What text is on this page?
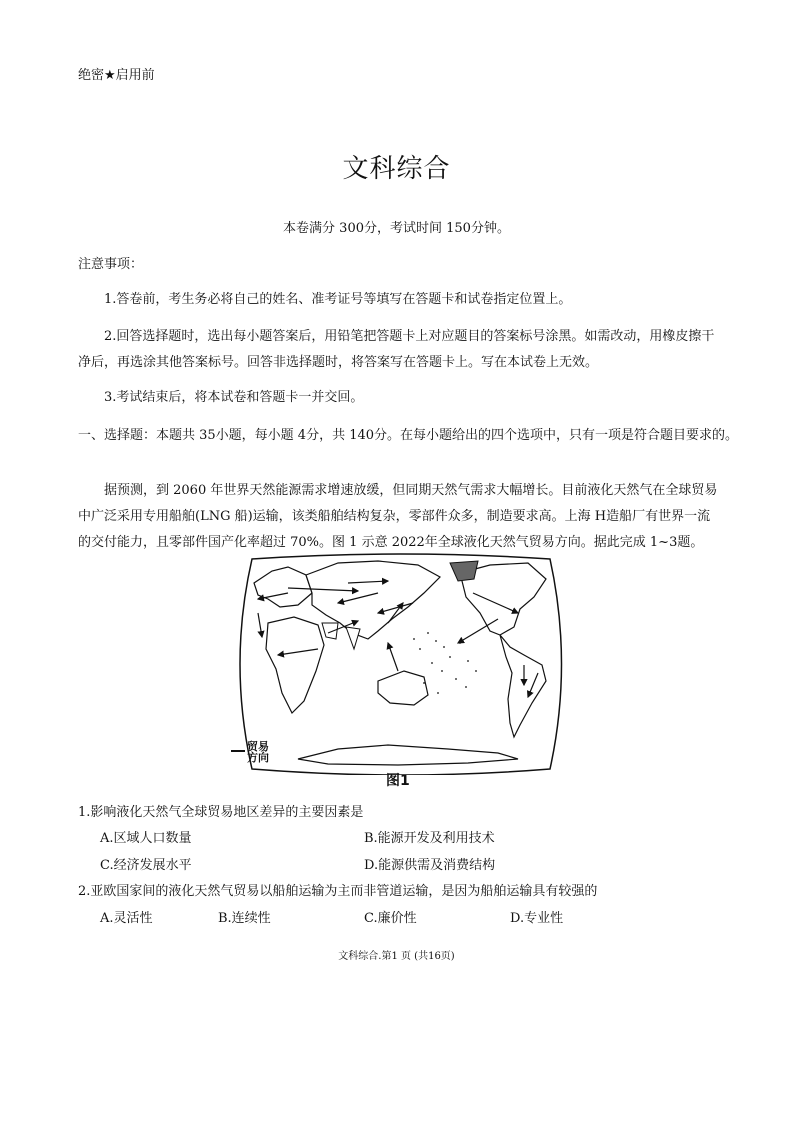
绝密★启用前
文科综合
本卷满分 300分，考试时间 150分钟。
注意事项：
1.答卷前，考生务必将自己的姓名、准考证号等填写在答题卡和试卷指定位置上。
2.回答选择题时，选出每小题答案后，用铅笔把答题卡上对应题目的答案标号涂黑。如需改动，用橡皮擦干净后，再选涂其他答案标号。回答非选择题时，将答案写在答题卡上。写在本试卷上无效。
3.考试结束后，将本试卷和答题卡一并交回。
一、选择题：本题共 35小题，每小题 4分，共 140分。在每小题给出的四个选项中，只有一项是符合题目要求的。
据预测，到 2060 年世界天然能源需求增速放缓，但同期天然气需求大幅增长。目前液化天然气在全球贸易中广泛采用专用船舶(LNG 船)运输，该类船舶结构复杂，零部件众多，制造要求高。上海 H造船厂有世界一流的交付能力，且零部件国产化率超过 70%。图 1 示意 2022年全球液化天然气贸易方向。据此完成 1~3题。
贸易
方向
图1
1.影响液化天然气全球贸易地区差异的主要因素是
A.区域人口数量	B.能源开发及利用技术
C.经济发展水平	D.能源供需及消费结构
2.亚欧国家间的液化天然气贸易以船舶运输为主而非管道运输，是因为船舶运输具有较强的
A.灵活性	B.连续性	C.廉价性	D.专业性
文科综合.第1 页 (共16页)
